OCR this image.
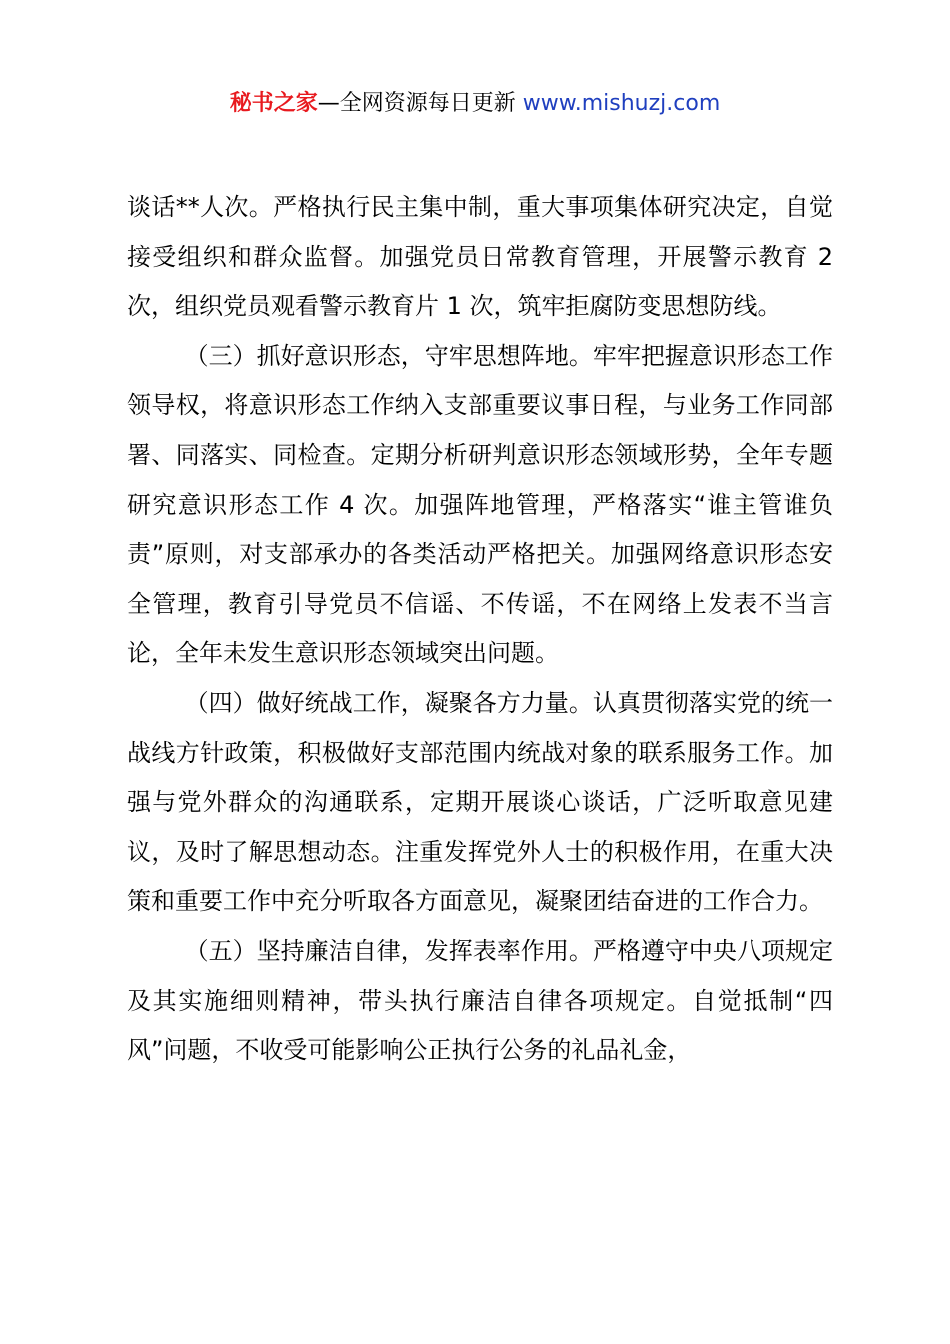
秘书之家—全网资源每日更新 www.mishuzj.com

谈话**人次。严格执行民主集中制，重大事项集体研究决定，自觉接受组织和群众监督。加强党员日常教育管理，开展警示教育 2 次，组织党员观看警示教育片 1 次，筑牢拒腐防变思想防线。

（三）抓好意识形态，守牢思想阵地。牢牢把握意识形态工作领导权，将意识形态工作纳入支部重要议事日程，与业务工作同部署、同落实、同检查。定期分析研判意识形态领域形势，全年专题研究意识形态工作 4 次。加强阵地管理，严格落实“谁主管谁负责”原则，对支部承办的各类活动严格把关。加强网络意识形态安全管理，教育引导党员不信谣、不传谣，不在网络上发表不当言论，全年未发生意识形态领域突出问题。

（四）做好统战工作，凝聚各方力量。认真贯彻落实党的统一战线方针政策，积极做好支部范围内统战对象的联系服务工作。加强与党外群众的沟通联系，定期开展谈心谈话，广泛听取意见建议，及时了解思想动态。注重发挥党外人士的积极作用，在重大决策和重要工作中充分听取各方面意见，凝聚团结奋进的工作合力。

（五）坚持廉洁自律，发挥表率作用。严格遵守中央八项规定及其实施细则精神，带头执行廉洁自律各项规定。自觉抵制“四风”问题，不收受可能影响公正执行公务的礼品礼金，
